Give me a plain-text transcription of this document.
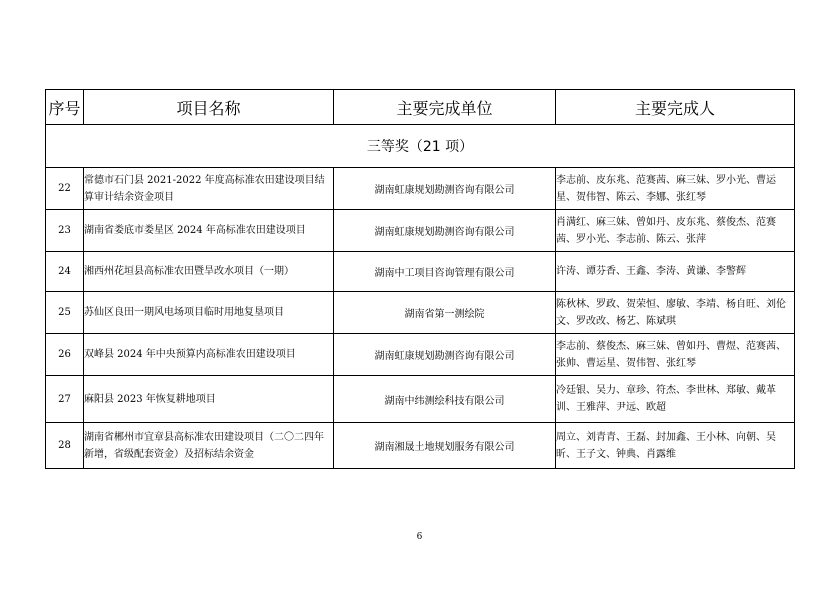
序号	项目名称	主要完成单位	主要完成人
三等奖（21 项）			
22	常德市石门县 2021-2022 年度高标准农田建设项目结算审计结余资金项目	湖南虹康规划勘测咨询有限公司	李志前、皮东兆、范赛茜、麻三妹、罗小光、曹运星、贺伟智、陈云、李娜、张红琴
23	湖南省娄底市娄星区 2024 年高标准农田建设项目	湖南虹康规划勘测咨询有限公司	肖满红、麻三妹、曾如丹、皮东兆、蔡俊杰、范赛茜、罗小光、李志前、陈云、张萍
24	湘西州花垣县高标准农田暨旱改水项目（一期）	湖南中工项目咨询管理有限公司	许涛、谭芬香、王鑫、李涛、黄谦、李警辉
25	苏仙区良田一期风电场项目临时用地复垦项目	湖南省第一测绘院	陈秋林、罗政、贺荣恒、廖敏、李靖、杨自旺、刘伦文、罗改改、杨艺、陈斌琪
26	双峰县 2024 年中央预算内高标准农田建设项目	湖南虹康规划勘测咨询有限公司	李志前、蔡俊杰、麻三妹、曾如丹、曹煜、范赛茜、张帅、曹运星、贺伟智、张红琴
27	麻阳县 2023 年恢复耕地项目	湖南中纬测绘科技有限公司	冷廷银、吴力、章珍、符杰、李世林、郑敏、戴革训、王雅萍、尹远、欧超
28	湖南省郴州市宜章县高标准农田建设项目（二〇二四年新增，省级配套资金）及招标结余资金	湖南湘晟土地规划服务有限公司	周立、刘青青、王磊、封加鑫、王小林、向朝、吴昕、王子文、钟典、肖露维
6
